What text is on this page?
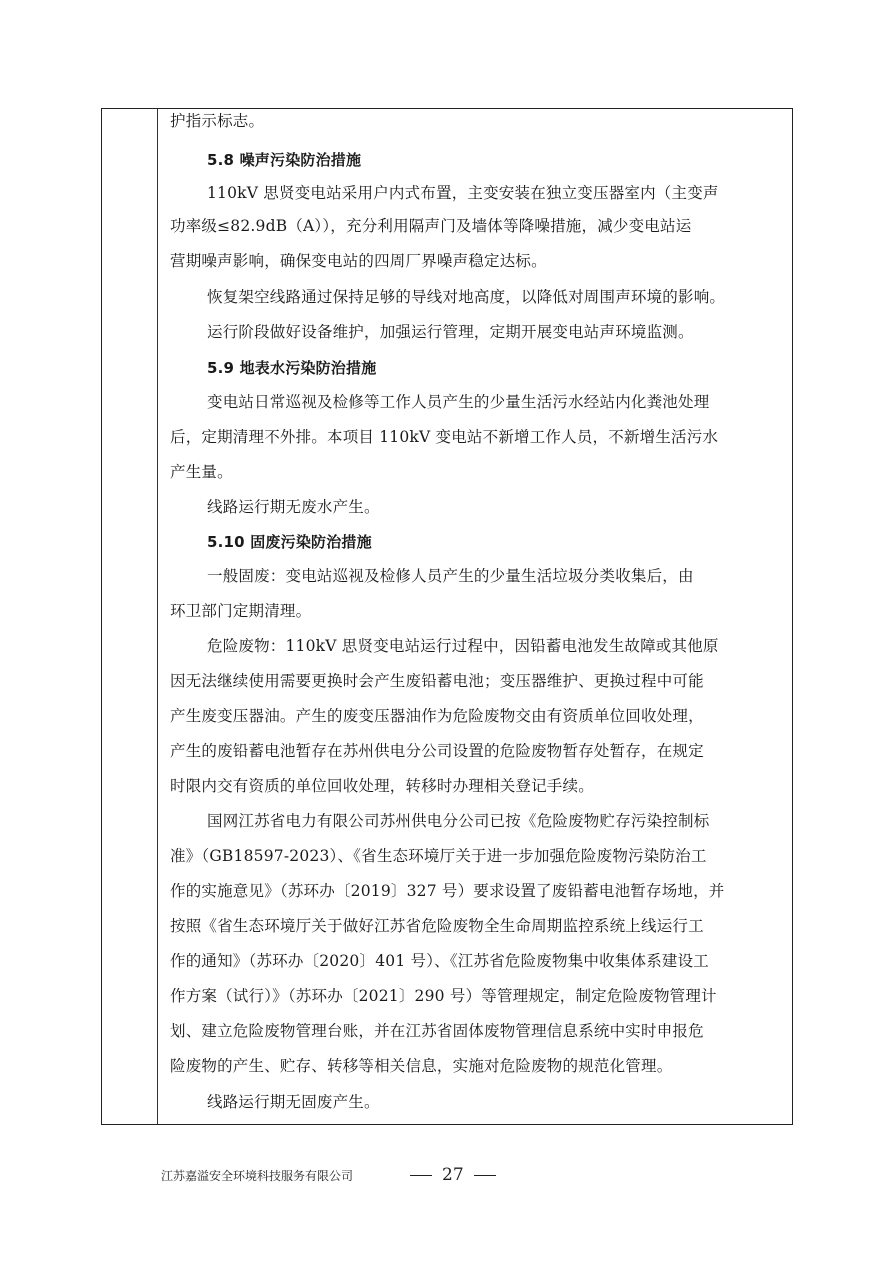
护指示标志。
5.8 噪声污染防治措施
110kV 思贤变电站采用户内式布置，主变安装在独立变压器室内（主变声
功率级≤82.9dB（A）），充分利用隔声门及墙体等降噪措施，减少变电站运
营期噪声影响，确保变电站的四周厂界噪声稳定达标。
恢复架空线路通过保持足够的导线对地高度，以降低对周围声环境的影响。
运行阶段做好设备维护，加强运行管理，定期开展变电站声环境监测。
5.9 地表水污染防治措施
变电站日常巡视及检修等工作人员产生的少量生活污水经站内化粪池处理
后，定期清理不外排。本项目 110kV 变电站不新增工作人员，不新增生活污水
产生量。
线路运行期无废水产生。
5.10 固废污染防治措施
一般固废：变电站巡视及检修人员产生的少量生活垃圾分类收集后，由
环卫部门定期清理。
危险废物：110kV 思贤变电站运行过程中，因铅蓄电池发生故障或其他原
因无法继续使用需要更换时会产生废铅蓄电池；变压器维护、更换过程中可能
产生废变压器油。产生的废变压器油作为危险废物交由有资质单位回收处理，
产生的废铅蓄电池暂存在苏州供电分公司设置的危险废物暂存处暂存，在规定
时限内交有资质的单位回收处理，转移时办理相关登记手续。
国网江苏省电力有限公司苏州供电分公司已按《危险废物贮存污染控制标
准》（GB18597-2023）、《省生态环境厅关于进一步加强危险废物污染防治工
作的实施意见》（苏环办〔2019〕327 号）要求设置了废铅蓄电池暂存场地，并
按照《省生态环境厅关于做好江苏省危险废物全生命周期监控系统上线运行工
作的通知》（苏环办〔2020〕401 号）、《江苏省危险废物集中收集体系建设工
作方案（试行）》（苏环办〔2021〕290 号）等管理规定，制定危险废物管理计
划、建立危险废物管理台账，并在江苏省固体废物管理信息系统中实时申报危
险废物的产生、贮存、转移等相关信息，实施对危险废物的规范化管理。
线路运行期无固废产生。
江苏嘉溢安全环境科技服务有限公司	27
